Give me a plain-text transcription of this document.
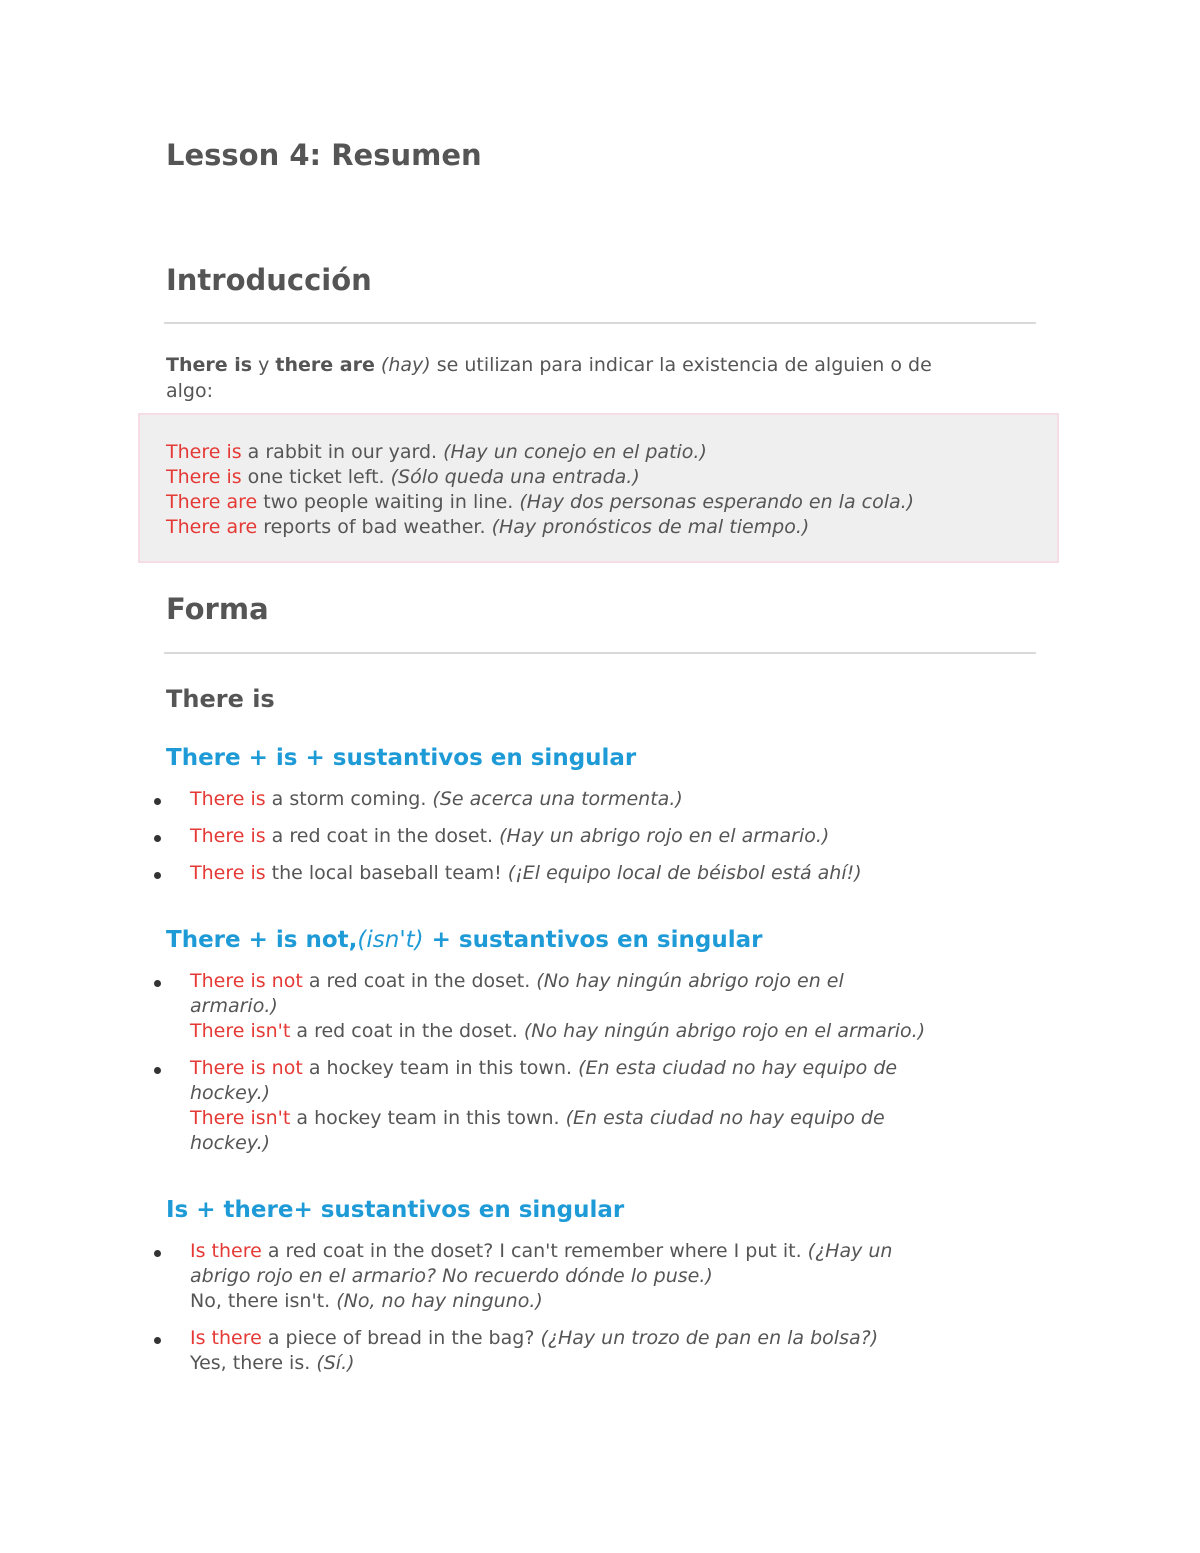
Lesson 4: Resumen
Introducción
There is y there are (hay) se utilizan para indicar la existencia de alguien o de
algo:
There is a rabbit in our yard. (Hay un conejo en el patio.)
There is one ticket left. (Sólo queda una entrada.)
There are two people waiting in line. (Hay dos personas esperando en la cola.)
There are reports of bad weather. (Hay pronósticos de mal tiempo.)
Forma
There is
There + is + sustantivos en singular
There is a storm coming. (Se acerca una tormenta.)
There is a red coat in the doset. (Hay un abrigo rojo en el armario.)
There is the local baseball team! (¡El equipo local de béisbol está ahí!)
There + is not,(isn't) + sustantivos en singular
There is not a red coat in the doset. (No hay ningún abrigo rojo en el
armario.)
There isn't a red coat in the doset. (No hay ningún abrigo rojo en el armario.)
There is not a hockey team in this town. (En esta ciudad no hay equipo de
hockey.)
There isn't a hockey team in this town. (En esta ciudad no hay equipo de
hockey.)
Is + there+ sustantivos en singular
Is there a red coat in the doset? I can't remember where I put it. (¿Hay un
abrigo rojo en el armario? No recuerdo dónde lo puse.)
No, there isn't. (No, no hay ninguno.)
Is there a piece of bread in the bag? (¿Hay un trozo de pan en la bolsa?)
Yes, there is. (Sí.)
